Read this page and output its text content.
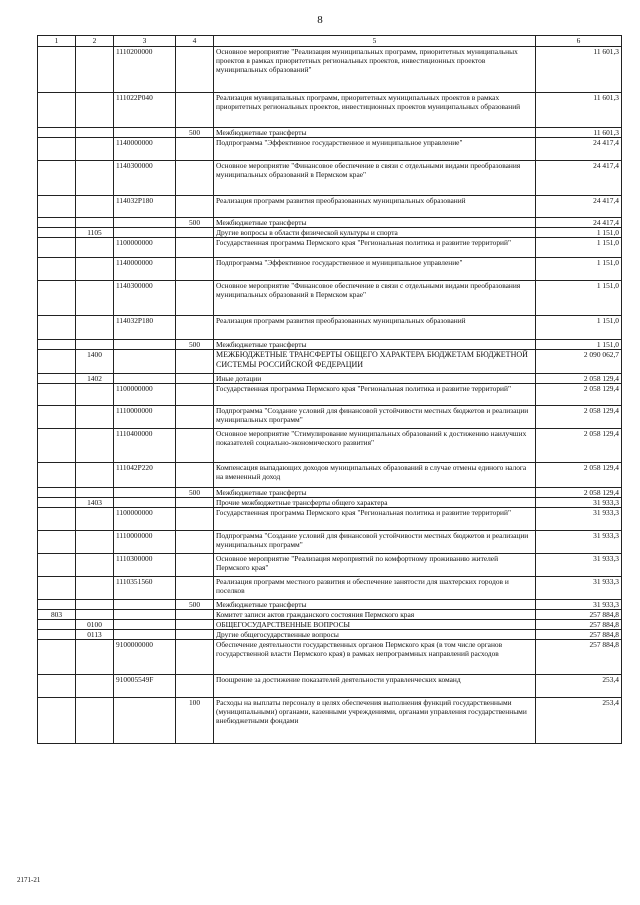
8
1	2	3	4	5	6
		1110200000		Основное мероприятие "Реализация муниципальных программ, приоритетных муниципальных проектов в рамках приоритетных региональных проектов, инвестиционных проектов муниципальных образований"	11 601,3
		111022P040		Реализация муниципальных программ, приоритетных муниципальных проектов в рамках приоритетных региональных проектов, инвестиционных проектов муниципальных образований	11 601,3
			500	Межбюджетные трансферты	11 601,3
		1140000000		Подпрограмма "Эффективное государственное и муниципальное управление"	24 417,4
		1140300000		Основное мероприятие "Финансовое обеспечение в связи с отдельными видами преобразования муниципальных образований в Пермском крае"	24 417,4
		114032P180		Реализация программ развития преобразованных муниципальных образований	24 417,4
			500	Межбюджетные трансферты	24 417,4
	1105			Другие вопросы в области физической культуры и спорта	1 151,0
		1100000000		Государственная программа Пермского края "Региональная политика и развитие территорий"	1 151,0
		1140000000		Подпрограмма "Эффективное государственное и муниципальное управление"	1 151,0
		1140300000		Основное мероприятие "Финансовое обеспечение в связи с отдельными видами преобразования муниципальных образований в Пермском крае"	1 151,0
		114032P180		Реализация программ развития преобразованных муниципальных образований	1 151,0
			500	Межбюджетные трансферты	1 151,0
	1400			МЕЖБЮДЖЕТНЫЕ ТРАНСФЕРТЫ ОБЩЕГО ХАРАКТЕРА БЮДЖЕТАМ БЮДЖЕТНОЙ СИСТЕМЫ РОССИЙСКОЙ ФЕДЕРАЦИИ	2 090 062,7
	1402			Иные дотации	2 058 129,4
		1100000000		Государственная программа Пермского края "Региональная политика и развитие территорий"	2 058 129,4
		1110000000		Подпрограмма "Создание условий для финансовой устойчивости местных бюджетов и реализации муниципальных программ"	2 058 129,4
		1110400000		Основное мероприятие "Стимулирование муниципальных образований к достижению наилучших показателей социально-экономического развития"	2 058 129,4
		111042P220		Компенсация выпадающих доходов муниципальных образований в случае отмены единого налога на вмененный доход	2 058 129,4
			500	Межбюджетные трансферты	2 058 129,4
	1403			Прочие межбюджетные трансферты общего характера	31 933,3
		1100000000		Государственная программа Пермского края "Региональная политика и развитие территорий"	31 933,3
		1110000000		Подпрограмма "Создание условий для финансовой устойчивости местных бюджетов и реализации муниципальных программ"	31 933,3
		1110300000		Основное мероприятие "Реализация мероприятий по комфортному проживанию жителей Пермского края"	31 933,3
		1110351560		Реализация программ местного развития и обеспечение занятости для шахтерских городов и поселков	31 933,3
			500	Межбюджетные трансферты	31 933,3
803				Комитет записи актов гражданского состояния Пермского края	257 884,8
	0100			ОБЩЕГОСУДАРСТВЕННЫЕ ВОПРОСЫ	257 884,8
	0113			Другие общегосударственные вопросы	257 884,8
		9100000000		Обеспечение деятельности государственных органов Пермского края (в том числе органов государственной власти Пермского края) в рамках непрограммных направлений расходов	257 884,8
		910005549F		Поощрение за достижение показателей деятельности управленческих команд	253,4
			100	Расходы на выплаты персоналу в целях обеспечения выполнения функций государственными (муниципальными) органами, казенными учреждениями, органами управления государственными внебюджетными фондами	253,4
2171-21
